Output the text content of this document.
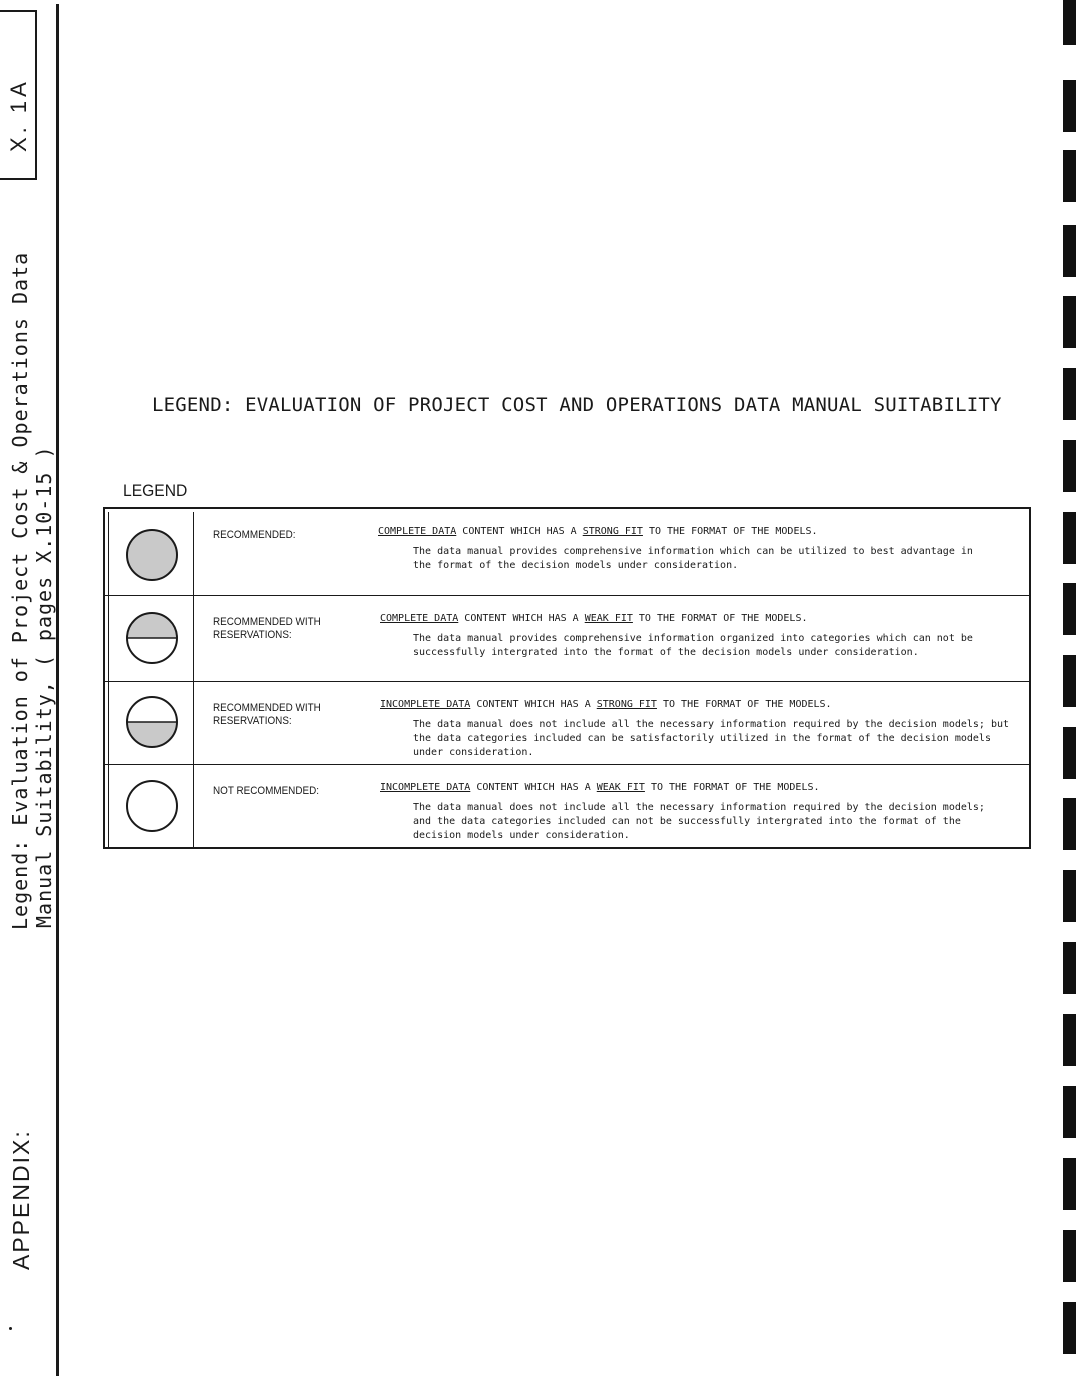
X. 1A
Legend: Evaluation of Project Cost & Operations Data Manual Suitability, ( pages X.10-15 )
APPENDIX:
LEGEND: EVALUATION OF PROJECT COST AND OPERATIONS DATA MANUAL SUITABILITY
LEGEND
RECOMMENDED:	COMPLETE DATA CONTENT WHICH HAS A STRONG FIT TO THE FORMAT OF THE MODELS.
The data manual provides comprehensive information which can be utilized to best advantage in the format of the decision models under consideration.
RECOMMENDED WITH RESERVATIONS:
COMPLETE DATA CONTENT WHICH HAS A WEAK FIT TO THE FORMAT OF THE MODELS.
The data manual provides comprehensive information organized into categories which can not be successfully intergrated into the format of the decision models under consideration.
RECOMMENDED WITH RESERVATIONS:
INCOMPLETE DATA CONTENT WHICH HAS A STRONG FIT TO THE FORMAT OF THE MODELS.
The data manual does not include all the necessary information required by the decision models; but the data categories included can be satisfactorily utilized in the format of the decision models under consideration.
NOT RECOMMENDED:	INCOMPLETE DATA CONTENT WHICH HAS A WEAK FIT TO THE FORMAT OF THE MODELS.
The data manual does not include all the necessary information required by the decision models; and the data categories included can not be successfully intergrated into the format of the decision models under consideration.
